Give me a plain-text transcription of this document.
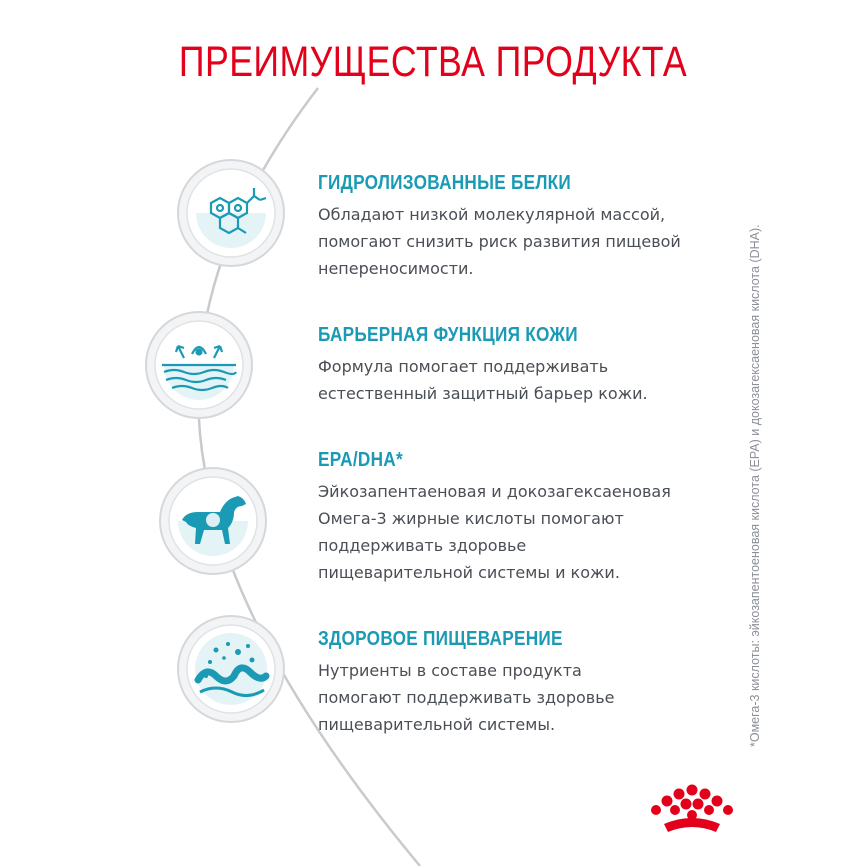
ПРЕИМУЩЕСТВА ПРОДУКТА
ГИДРОЛИЗОВАННЫЕ БЕЛКИ
Обладают низкой молекулярной массой,
помогают снизить риск развития пищевой
непереносимости.
БАРЬЕРНАЯ ФУНКЦИЯ КОЖИ
Формула помогает поддерживать
естественный защитный барьер кожи.
EPA/DHA*
Эйкозапентаеновая и докозагексаеновая
Омега-3 жирные кислоты помогают
поддерживать здоровье
пищеварительной системы и кожи.
ЗДОРОВОЕ ПИЩЕВАРЕНИЕ
Нутриенты в составе продукта
помогают поддерживать здоровье
пищеварительной системы.	*Омега-3 кислоты: эйкозапентоеновая кислота (EPA) и докозагексаеновая кислота (DHA).
